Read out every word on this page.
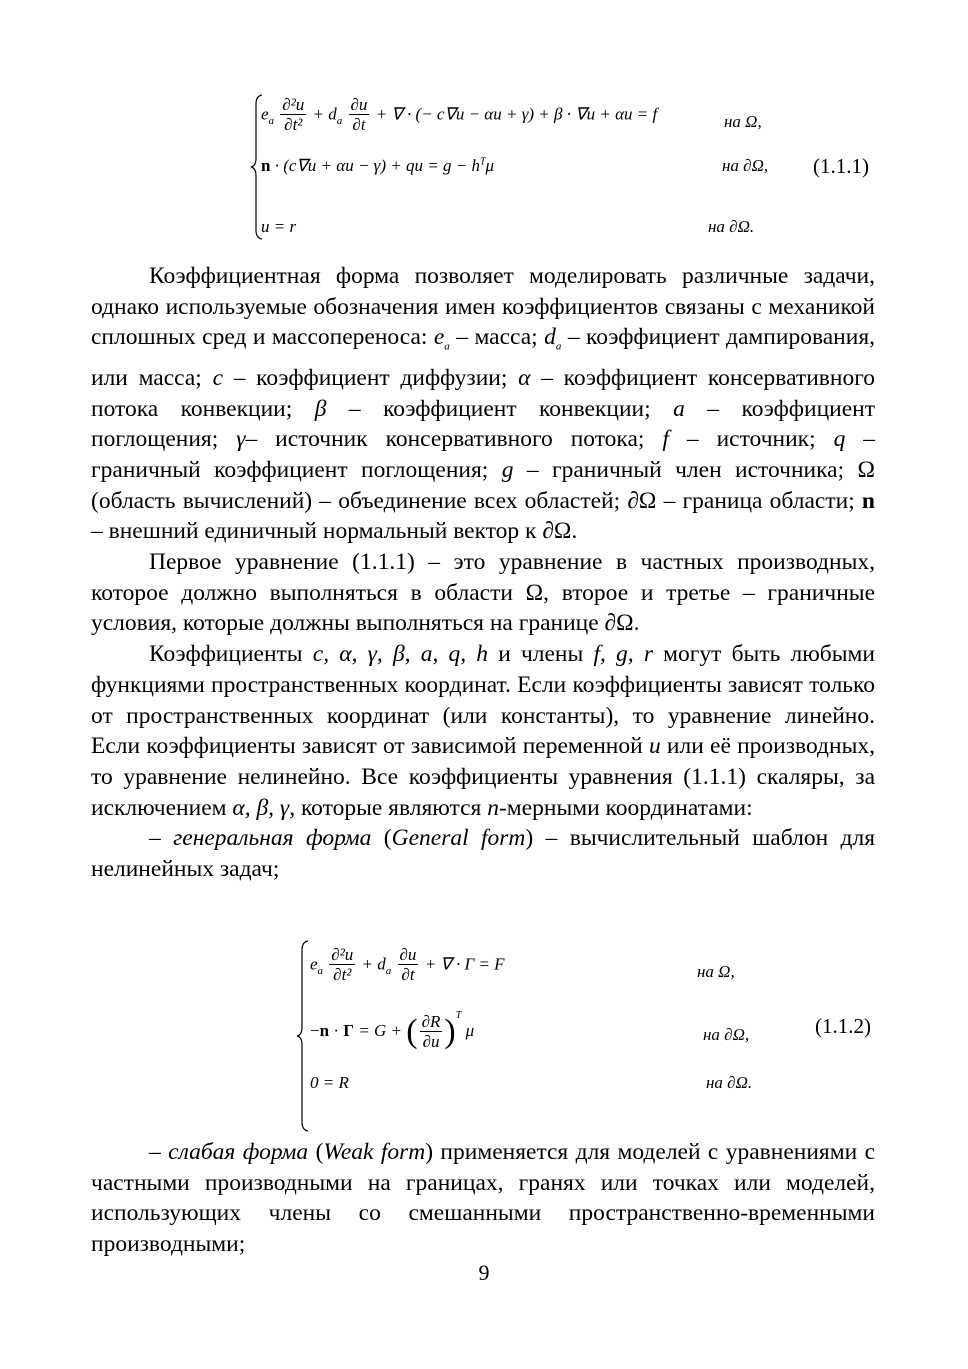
$e_a \frac{\text{∂²u}}{\text{∂t²}} + d_a \frac{\partial u}{\partial t}$ + ∇ · (− c∇u − αu + γ) + β · ∇u + αu = f	на Ω,
n · (c∇u + αu − γ) + qu = $g - h^T\mu$	на ∂Ω, (1.1.1)
u = r	на ∂Ω.

Коэффициентная форма позволяет моделировать различные задачи, однако используемые обозначения имен коэффициентов связаны с механикой сплошных сред и массопереноса: $e_a$ – масса; $d_a$ – коэффициент дампирования, или масса; c – коэффициент диффузии; α – коэффициент консервативного потока конвекции; β – коэффициент конвекции; a – коэффициент поглощения; γ– источник консервативного потока; f – источник; q – граничный коэффициент поглощения; g – граничный член источника; Ω (область вычислений) – объединение всех областей; ∂Ω – граница области; n – внешний единичный нормальный вектор к ∂Ω.

Первое уравнение (1.1.1) – это уравнение в частных производных, которое должно выполняться в области Ω, второе и третье – граничные условия, которые должны выполняться на границе ∂Ω.

Коэффициенты c, α, γ, β, a, q, h и члены f, g, r могут быть любыми функциями пространственных координат. Если коэффициенты зависят только от пространственных координат (или константы), то уравнение линейно. Если коэффициенты зависят от зависимой переменной u или её производных, то уравнение нелинейно. Все коэффициенты уравнения (1.1.1) скаляры, за исключением α, β, γ, которые являются n-мерными координатами:

– генеральная форма (General form) – вычислительный шаблон для нелинейных задач;

$e_a \frac{\text{∂²u}}{\text{∂t²}} + d_a \frac{\partial u}{\partial t}$ + ∇ · Γ = F	на Ω,
−n · Γ = G + ( $\frac{\partial R}{\partial u} )^T$ μ	на ∂Ω,	(1.1.2)
0 = R	на ∂Ω.

– слабая форма (Weak form) применяется для моделей с уравнениями с частными производными на границах, гранях или точках или моделей, использующих члены со смешанными пространственно-временными производными;

9
